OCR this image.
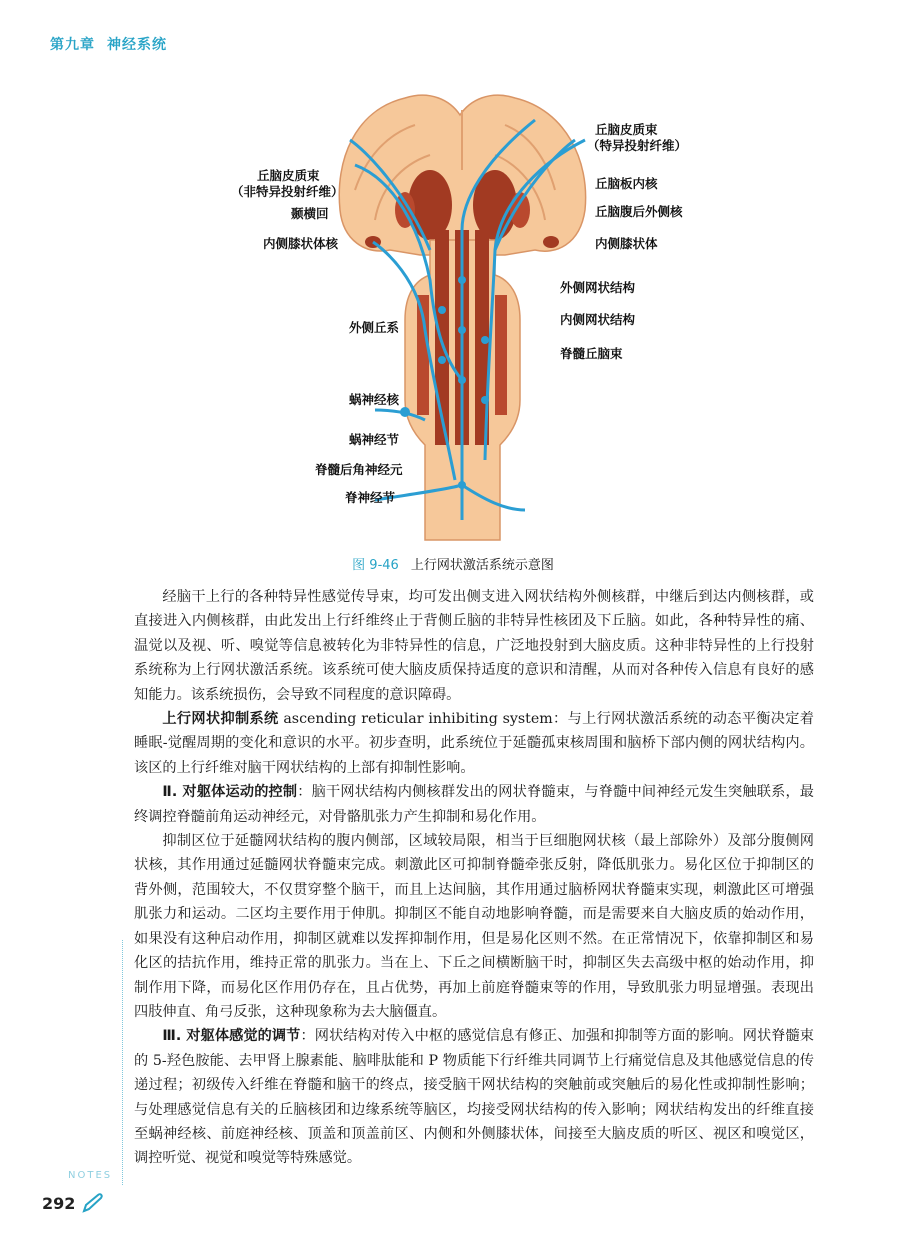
第九章 神经系统
丘脑皮质束
（特异投射纤维）
丘脑皮质束
（非特异投射纤维）
颞横回
内侧膝状体核
外侧丘系
蜗神经核
蜗神经节
脊髓后角神经元
脊神经节
丘脑板内核
丘脑腹后外侧核
内侧膝状体
外侧网状结构
内侧网状结构
脊髓丘脑束
图 9-46 上行网状激活系统示意图

经脑干上行的各种特异性感觉传导束，均可发出侧支进入网状结构外侧核群，中继后到达内侧核群，或直接进入内侧核群，由此发出上行纤维终止于背侧丘脑的非特异性核团及下丘脑。如此，各种特异性的痛、温觉以及视、听、嗅觉等信息被转化为非特异性的信息，广泛地投射到大脑皮质。这种非特异性的上行投射系统称为上行网状激活系统。该系统可使大脑皮质保持适度的意识和清醒，从而对各种传入信息有良好的感知能力。该系统损伤，会导致不同程度的意识障碍。

上行网状抑制系统 ascending reticular inhibiting system：与上行网状激活系统的动态平衡决定着睡眠-觉醒周期的变化和意识的水平。初步查明，此系统位于延髓孤束核周围和脑桥下部内侧的网状结构内。该区的上行纤维对脑干网状结构的上部有抑制性影响。

Ⅱ. 对躯体运动的控制：脑干网状结构内侧核群发出的网状脊髓束，与脊髓中间神经元发生突触联系，最终调控脊髓前角运动神经元，对骨骼肌张力产生抑制和易化作用。

抑制区位于延髓网状结构的腹内侧部，区域较局限，相当于巨细胞网状核（最上部除外）及部分腹侧网状核，其作用通过延髓网状脊髓束完成。刺激此区可抑制脊髓牵张反射，降低肌张力。易化区位于抑制区的背外侧，范围较大，不仅贯穿整个脑干，而且上达间脑，其作用通过脑桥网状脊髓束实现，刺激此区可增强肌张力和运动。二区均主要作用于伸肌。抑制区不能自动地影响脊髓，而是需要来自大脑皮质的始动作用，如果没有这种启动作用，抑制区就难以发挥抑制作用，但是易化区则不然。在正常情况下，依靠抑制区和易化区的拮抗作用，维持正常的肌张力。当在上、下丘之间横断脑干时，抑制区失去高级中枢的始动作用，抑制作用下降，而易化区作用仍存在，且占优势，再加上前庭脊髓束等的作用，导致肌张力明显增强。表现出四肢伸直、角弓反张，这种现象称为去大脑僵直。

Ⅲ. 对躯体感觉的调节：网状结构对传入中枢的感觉信息有修正、加强和抑制等方面的影响。网状脊髓束的 5-羟色胺能、去甲肾上腺素能、脑啡肽能和 P 物质能下行纤维共同调节上行痛觉信息及其他感觉信息的传递过程；初级传入纤维在脊髓和脑干的终点，接受脑干网状结构的突触前或突触后的易化性或抑制性影响；与处理感觉信息有关的丘脑核团和边缘系统等脑区，均接受网状结构的传入影响；网状结构发出的纤维直接至蜗神经核、前庭神经核、顶盖和顶盖前区、内侧和外侧膝状体，间接至大脑皮质的听区、视区和嗅觉区，调控听觉、视觉和嗅觉等特殊感觉。

NOTES
292
